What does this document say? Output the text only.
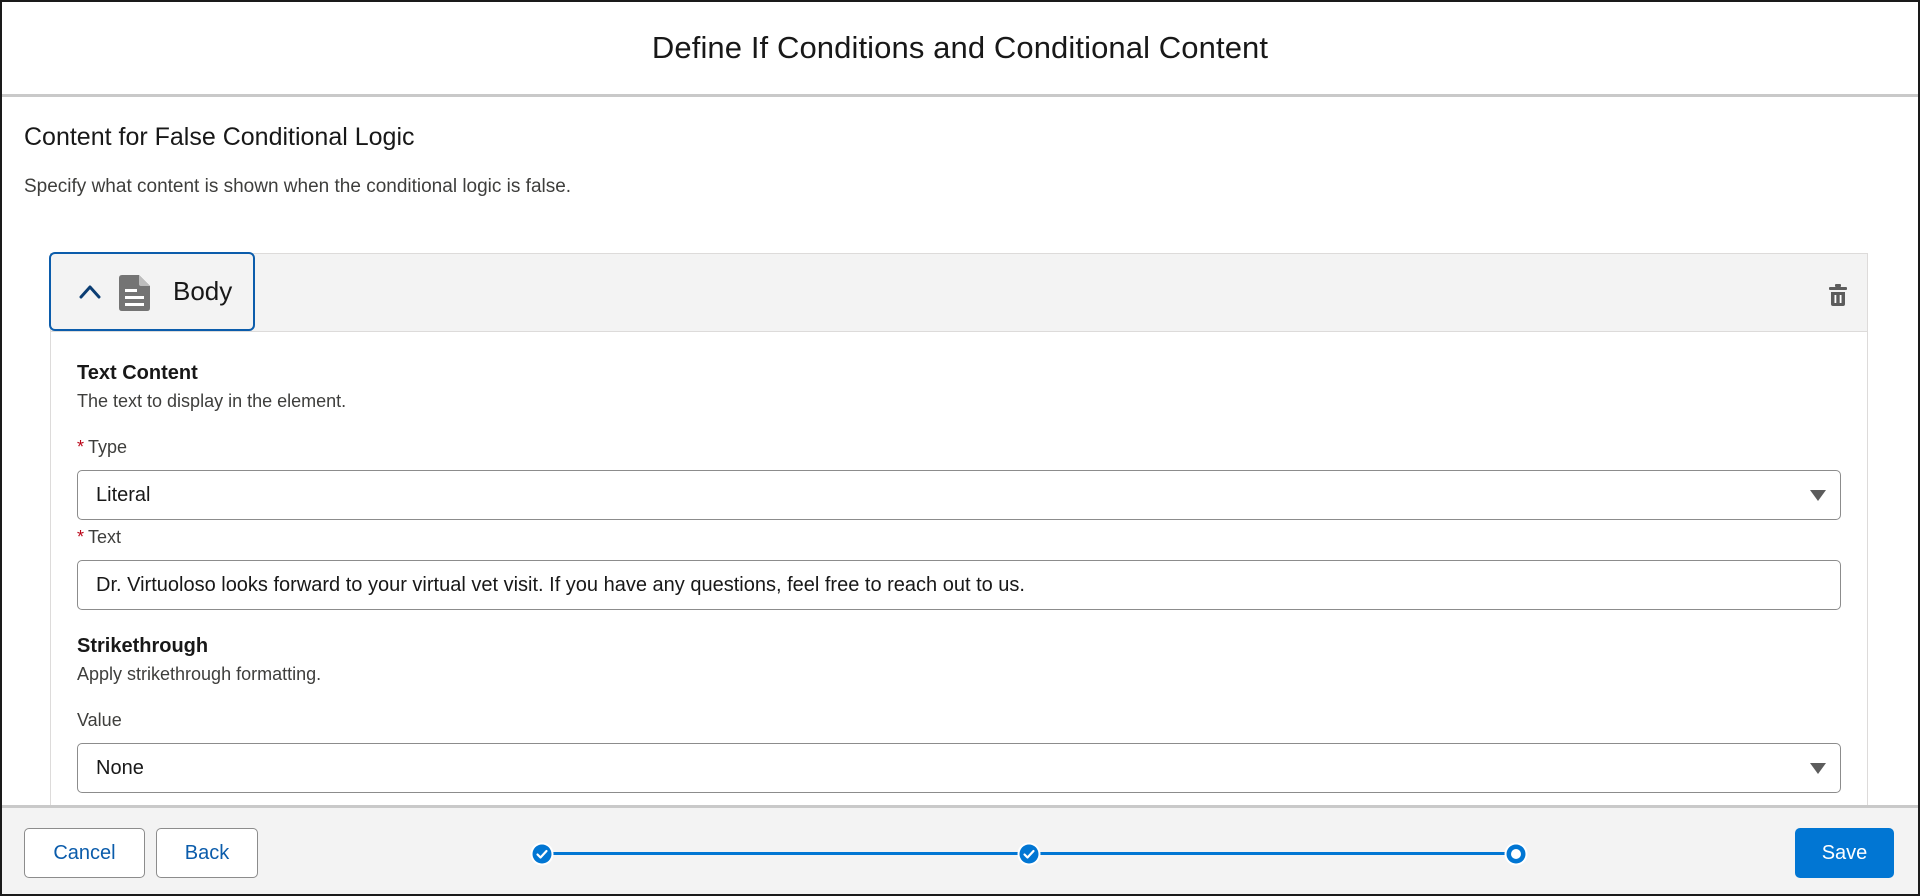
Define If Conditions and Conditional Content
Content for False Conditional Logic
Specify what content is shown when the conditional logic is false.
Body
Text Content
The text to display in the element.
* Type
Literal
* Text
Dr. Virtuoloso looks forward to your virtual vet visit. If you have any questions, feel free to reach out to us.
Strikethrough
Apply strikethrough formatting.
Value
None
Cancel	Back	Save
